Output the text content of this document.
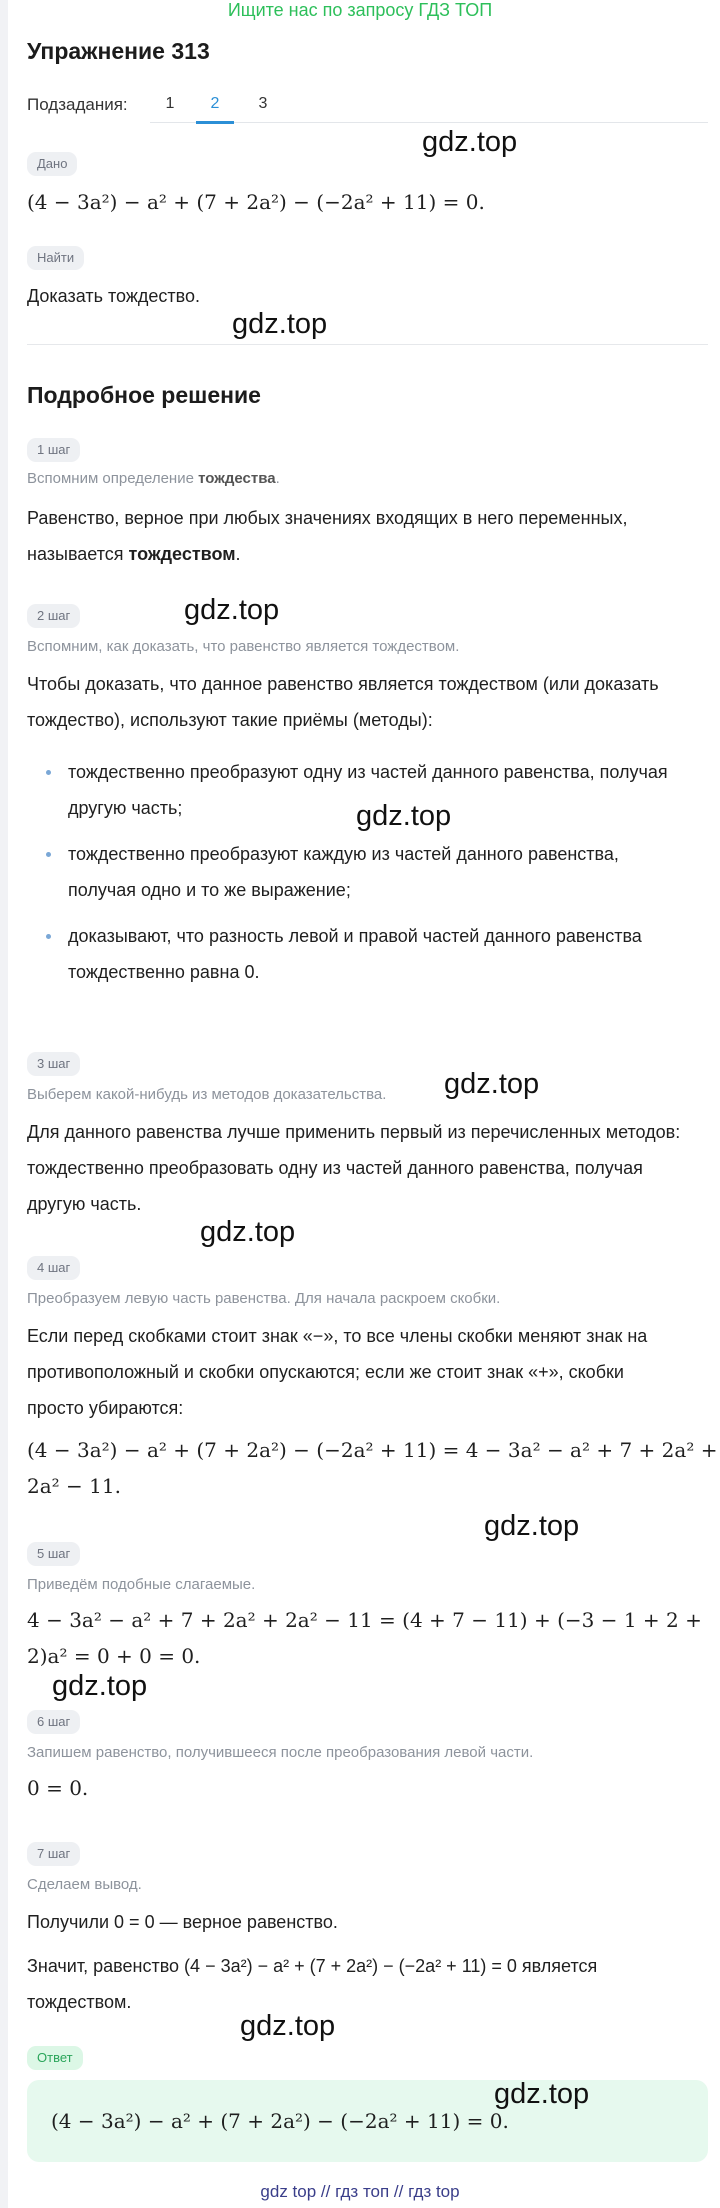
Ищите нас по запросу ГДЗ ТОП
Упражнение 313
Подзадания:	1	2	3
Дано
(4 − 3a²) − a² + (7 + 2a²) − (−2a² + 11) = 0.
Найти
Доказать тождество.
Подробное решение
1 шаг
Вспомним определение тождества.
Равенство, верное при любых значениях входящих в него переменных,
называется тождеством.
2 шаг
Вспомним, как доказать, что равенство является тождеством.
Чтобы доказать, что данное равенство является тождеством (или доказать
тождество), используют такие приёмы (методы):
тождественно преобразуют одну из частей данного равенства, получая
другую часть;
тождественно преобразуют каждую из частей данного равенства,
получая одно и то же выражение;
доказывают, что разность левой и правой частей данного равенства
тождественно равна 0.
3 шаг
Выберем какой-нибудь из методов доказательства.
Для данного равенства лучше применить первый из перечисленных методов:
тождественно преобразовать одну из частей данного равенства, получая
другую часть.
4 шаг
Преобразуем левую часть равенства. Для начала раскроем скобки.
Если перед скобками стоит знак «−», то все члены скобки меняют знак на
противоположный и скобки опускаются; если же стоит знак «+», скобки
просто убираются:
(4 − 3a²) − a² + (7 + 2a²) − (−2a² + 11) = 4 − 3a² − a² + 7 + 2a² +
2a² − 11.
5 шаг
Приведём подобные слагаемые.
4 − 3a² − a² + 7 + 2a² + 2a² − 11 = (4 + 7 − 11) + (−3 − 1 + 2 +
2)a² = 0 + 0 = 0.
6 шаг
Запишем равенство, получившееся после преобразования левой части.
0 = 0.
7 шаг
Сделаем вывод.
Получили 0 = 0 — верное равенство.
Значит, равенство (4 − 3a²) − a² + (7 + 2a²) − (−2a² + 11) = 0 является
тождеством.
Ответ
(4 − 3a²) − a² + (7 + 2a²) − (−2a² + 11) = 0.
gdz.top
gdz.top
gdz.top
gdz.top
gdz.top
gdz.top
gdz.top
gdz.top
gdz.top
gdz.top
gdz top // гдз топ // гдз top
